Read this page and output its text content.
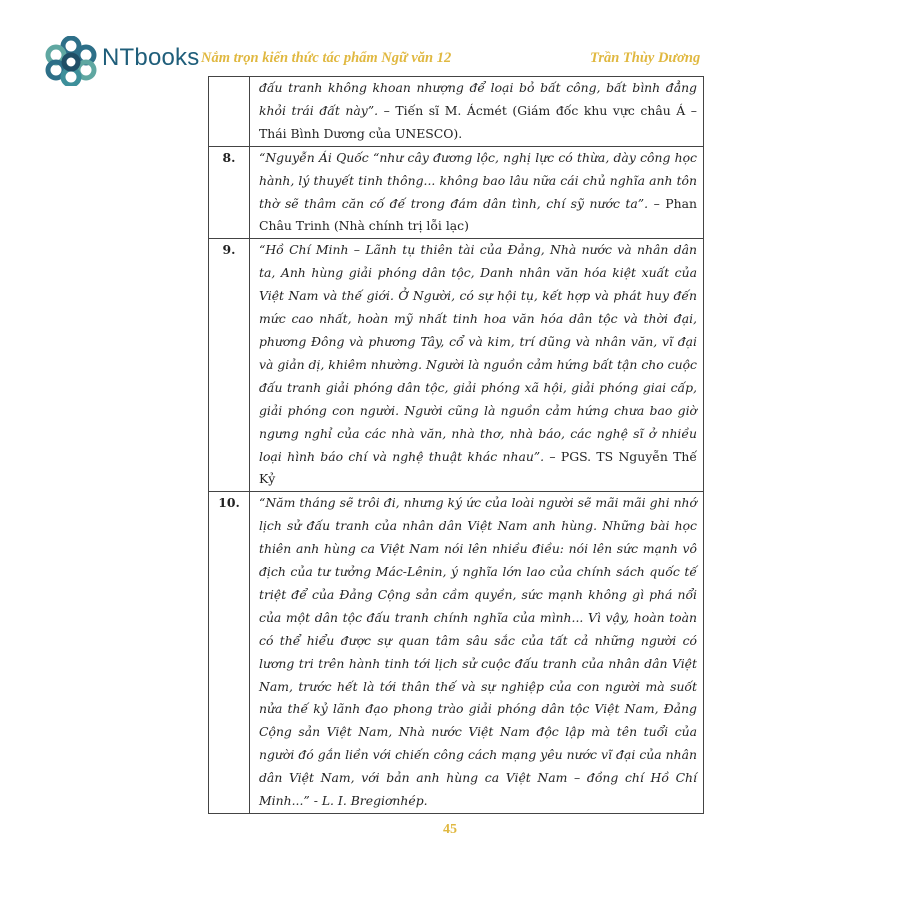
NTbooks Nắm trọn kiến thức tác phẩm Ngữ văn 12	Trần Thùy Dương
	đấu tranh không khoan nhượng để loại bỏ bất công, bất bình đẳng khỏi trái đất này”. – Tiến sĩ M. Ácmét (Giám đốc khu vực châu Á – Thái Bình Dương của UNESCO).
8.	“Nguyễn Ái Quốc “như cây đương lộc, nghị lực có thừa, dày công học hành, lý thuyết tinh thông... không bao lâu nữa cái chủ nghĩa anh tôn thờ sẽ thâm căn cố đế trong đám dân tình, chí sỹ nước ta”. – Phan Châu Trinh (Nhà chính trị lỗi lạc)
9.	“Hồ Chí Minh – Lãnh tụ thiên tài của Đảng, Nhà nước và nhân dân ta, Anh hùng giải phóng dân tộc, Danh nhân văn hóa kiệt xuất của Việt Nam và thế giới. Ở Người, có sự hội tụ, kết hợp và phát huy đến mức cao nhất, hoàn mỹ nhất tinh hoa văn hóa dân tộc và thời đại, phương Đông và phương Tây, cổ và kim, trí dũng và nhân văn, vĩ đại và giản dị, khiêm nhường. Người là nguồn cảm hứng bất tận cho cuộc đấu tranh giải phóng dân tộc, giải phóng xã hội, giải phóng giai cấp, giải phóng con người. Người cũng là nguồn cảm hứng chưa bao giờ ngưng nghỉ của các nhà văn, nhà thơ, nhà báo, các nghệ sĩ ở nhiều loại hình báo chí và nghệ thuật khác nhau”. – PGS. TS Nguyễn Thế Kỷ
10.	“Năm tháng sẽ trôi đi, nhưng ký ức của loài người sẽ mãi mãi ghi nhớ lịch sử đấu tranh của nhân dân Việt Nam anh hùng. Những bài học thiên anh hùng ca Việt Nam nói lên nhiều điều: nói lên sức mạnh vô địch của tư tưởng Mác-Lênin, ý nghĩa lớn lao của chính sách quốc tế triệt để của Đảng Cộng sản cầm quyền, sức mạnh không gì phá nổi của một dân tộc đấu tranh chính nghĩa của mình... Vì vậy, hoàn toàn có thể hiểu được sự quan tâm sâu sắc của tất cả những người có lương tri trên hành tinh tới lịch sử cuộc đấu tranh của nhân dân Việt Nam, trước hết là tới thân thế và sự nghiệp của con người mà suốt nửa thế kỷ lãnh đạo phong trào giải phóng dân tộc Việt Nam, Đảng Cộng sản Việt Nam, Nhà nước Việt Nam độc lập mà tên tuổi của người đó gắn liền với chiến công cách mạng yêu nước vĩ đại của nhân dân Việt Nam, với bản anh hùng ca Việt Nam – đồng chí Hồ Chí Minh...” - L. I. Bregiơnhép.
45
